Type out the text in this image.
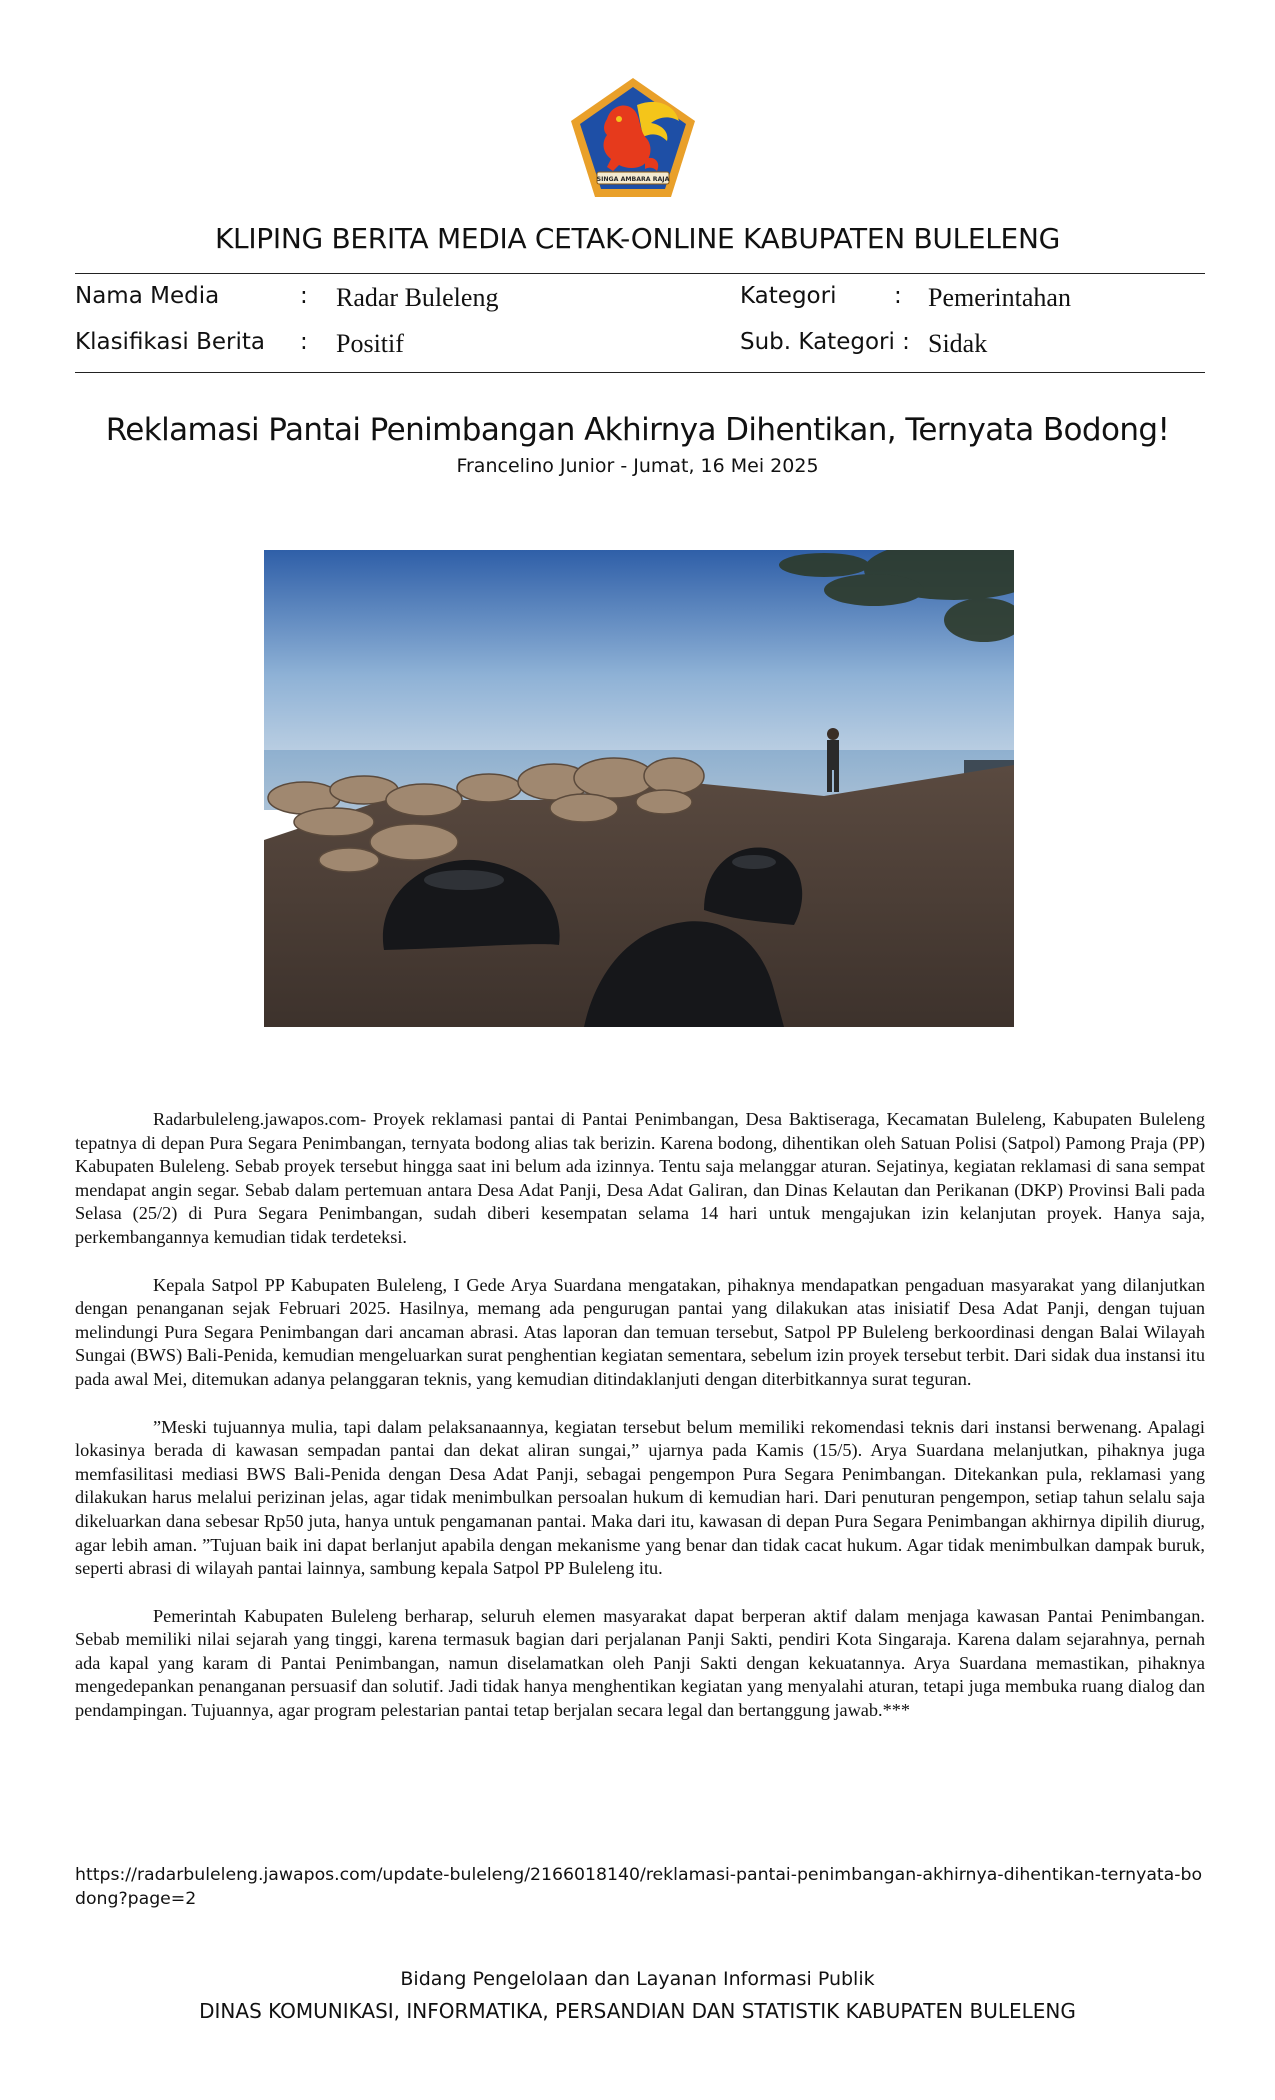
SINGA AMBARA RAJA
KLIPING BERITA MEDIA CETAK-ONLINE KABUPATEN BULELENG
Nama Media	: Radar Buleleng
Klasifikasi Berita : Positif
Kategori	: Pemerintahan
Sub. Kategori : Sidak
Reklamasi Pantai Penimbangan Akhirnya Dihentikan, Ternyata Bodong!
Francelino Junior - Jumat, 16 Mei 2025

Radarbuleleng.jawapos.com- Proyek reklamasi pantai di Pantai Penimbangan, Desa Baktiseraga, Kecamatan Buleleng, Kabupaten Buleleng tepatnya di depan Pura Segara Penimbangan, ternyata bodong alias tak berizin. Karena bodong, dihentikan oleh Satuan Polisi (Satpol) Pamong Praja (PP) Kabupaten Buleleng. Sebab proyek tersebut hingga saat ini belum ada izinnya. Tentu saja melanggar aturan. Sejatinya, kegiatan reklamasi di sana sempat mendapat angin segar. Sebab dalam pertemuan antara Desa Adat Panji, Desa Adat Galiran, dan Dinas Kelautan dan Perikanan (DKP) Provinsi Bali pada Selasa (25/2) di Pura Segara Penimbangan, sudah diberi kesempatan selama 14 hari untuk mengajukan izin kelanjutan proyek. Hanya saja, perkembangannya kemudian tidak terdeteksi.

Kepala Satpol PP Kabupaten Buleleng, I Gede Arya Suardana mengatakan, pihaknya mendapatkan pengaduan masyarakat yang dilanjutkan dengan penanganan sejak Februari 2025. Hasilnya, memang ada pengurugan pantai yang dilakukan atas inisiatif Desa Adat Panji, dengan tujuan melindungi Pura Segara Penimbangan dari ancaman abrasi. Atas laporan dan temuan tersebut, Satpol PP Buleleng berkoordinasi dengan Balai Wilayah Sungai (BWS) Bali-Penida, kemudian mengeluarkan surat penghentian kegiatan sementara, sebelum izin proyek tersebut terbit. Dari sidak dua instansi itu pada awal Mei, ditemukan adanya pelanggaran teknis, yang kemudian ditindaklanjuti dengan diterbitkannya surat teguran.

”Meski tujuannya mulia, tapi dalam pelaksanaannya, kegiatan tersebut belum memiliki rekomendasi teknis dari instansi berwenang. Apalagi lokasinya berada di kawasan sempadan pantai dan dekat aliran sungai,” ujarnya pada Kamis (15/5). Arya Suardana melanjutkan, pihaknya juga memfasilitasi mediasi BWS Bali-Penida dengan Desa Adat Panji, sebagai pengempon Pura Segara Penimbangan. Ditekankan pula, reklamasi yang dilakukan harus melalui perizinan jelas, agar tidak menimbulkan persoalan hukum di kemudian hari. Dari penuturan pengempon, setiap tahun selalu saja dikeluarkan dana sebesar Rp50 juta, hanya untuk pengamanan pantai. Maka dari itu, kawasan di depan Pura Segara Penimbangan akhirnya dipilih diurug, agar lebih aman. ”Tujuan baik ini dapat berlanjut apabila dengan mekanisme yang benar dan tidak cacat hukum. Agar tidak menimbulkan dampak buruk, seperti abrasi di wilayah pantai lainnya, sambung kepala Satpol PP Buleleng itu.

Pemerintah Kabupaten Buleleng berharap, seluruh elemen masyarakat dapat berperan aktif dalam menjaga kawasan Pantai Penimbangan. Sebab memiliki nilai sejarah yang tinggi, karena termasuk bagian dari perjalanan Panji Sakti, pendiri Kota Singaraja. Karena dalam sejarahnya, pernah ada kapal yang karam di Pantai Penimbangan, namun diselamatkan oleh Panji Sakti dengan kekuatannya. Arya Suardana memastikan, pihaknya mengedepankan penanganan persuasif dan solutif. Jadi tidak hanya menghentikan kegiatan yang menyalahi aturan, tetapi juga membuka ruang dialog dan pendampingan. Tujuannya, agar program pelestarian pantai tetap berjalan secara legal dan bertanggung jawab.***

https://radarbuleleng.jawapos.com/update-buleleng/2166018140/reklamasi-pantai-penimbangan-akhirnya-dihentikan-ternyata-bodong?page=2
Bidang Pengelolaan dan Layanan Informasi Publik
DINAS KOMUNIKASI, INFORMATIKA, PERSANDIAN DAN STATISTIK KABUPATEN BULELENG
